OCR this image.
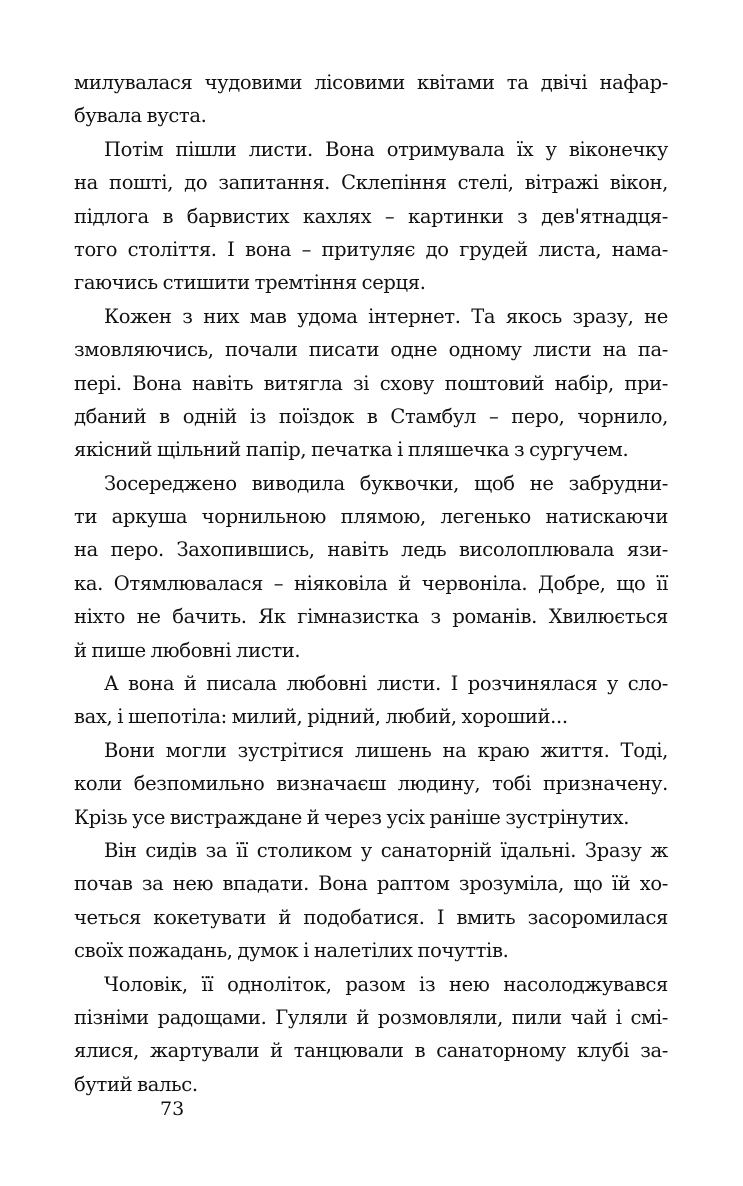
милувалася чудовими лісовими квітами та двічі нафар-
бувала вуста.
Потім пішли листи. Вона отримувала їх у віконечку
на пошті, до запитання. Склепіння стелі, вітражі вікон,
підлога в барвистих кахлях – картинки з дев'ятнадця-
того століття. І вона – притуляє до грудей листа, нама-
гаючись стишити тремтіння серця.
Кожен з них мав удома інтернет. Та якось зразу, не
змовляючись, почали писати одне одному листи на па-
пері. Вона навіть витягла зі схову поштовий набір, при-
дбаний в одній із поїздок в Стамбул – перо, чорнило,
якісний щільний папір, печатка і пляшечка з сургучем.
Зосереджено виводила буквочки, щоб не забрудни-
ти аркуша чорнильною плямою, легенько натискаючи
на перо. Захопившись, навіть ледь висолоплювала язи-
ка. Отямлювалася – ніяковіла й червоніла. Добре, що її
ніхто не бачить. Як гімназистка з романів. Хвилюється
й пише любовні листи.
А вона й писала любовні листи. І розчинялася у сло-
вах, і шепотіла: милий, рідний, любий, хороший...
Вони могли зустрітися лишень на краю життя. Тоді,
коли безпомильно визначаєш людину, тобі призначену.
Крізь усе вистраждане й через усіх раніше зустрінутих.
Він сидів за її столиком у санаторній їдальні. Зразу ж
почав за нею впадати. Вона раптом зрозуміла, що їй хо-
четься кокетувати й подобатися. І вмить засоромилася
своїх пожадань, думок і налетілих почуттів.
Чоловік, її одноліток, разом із нею насолоджувався
пізніми радощами. Гуляли й розмовляли, пили чай і смі-
ялися, жартували й танцювали в санаторному клубі за-
бутий вальс.
73
